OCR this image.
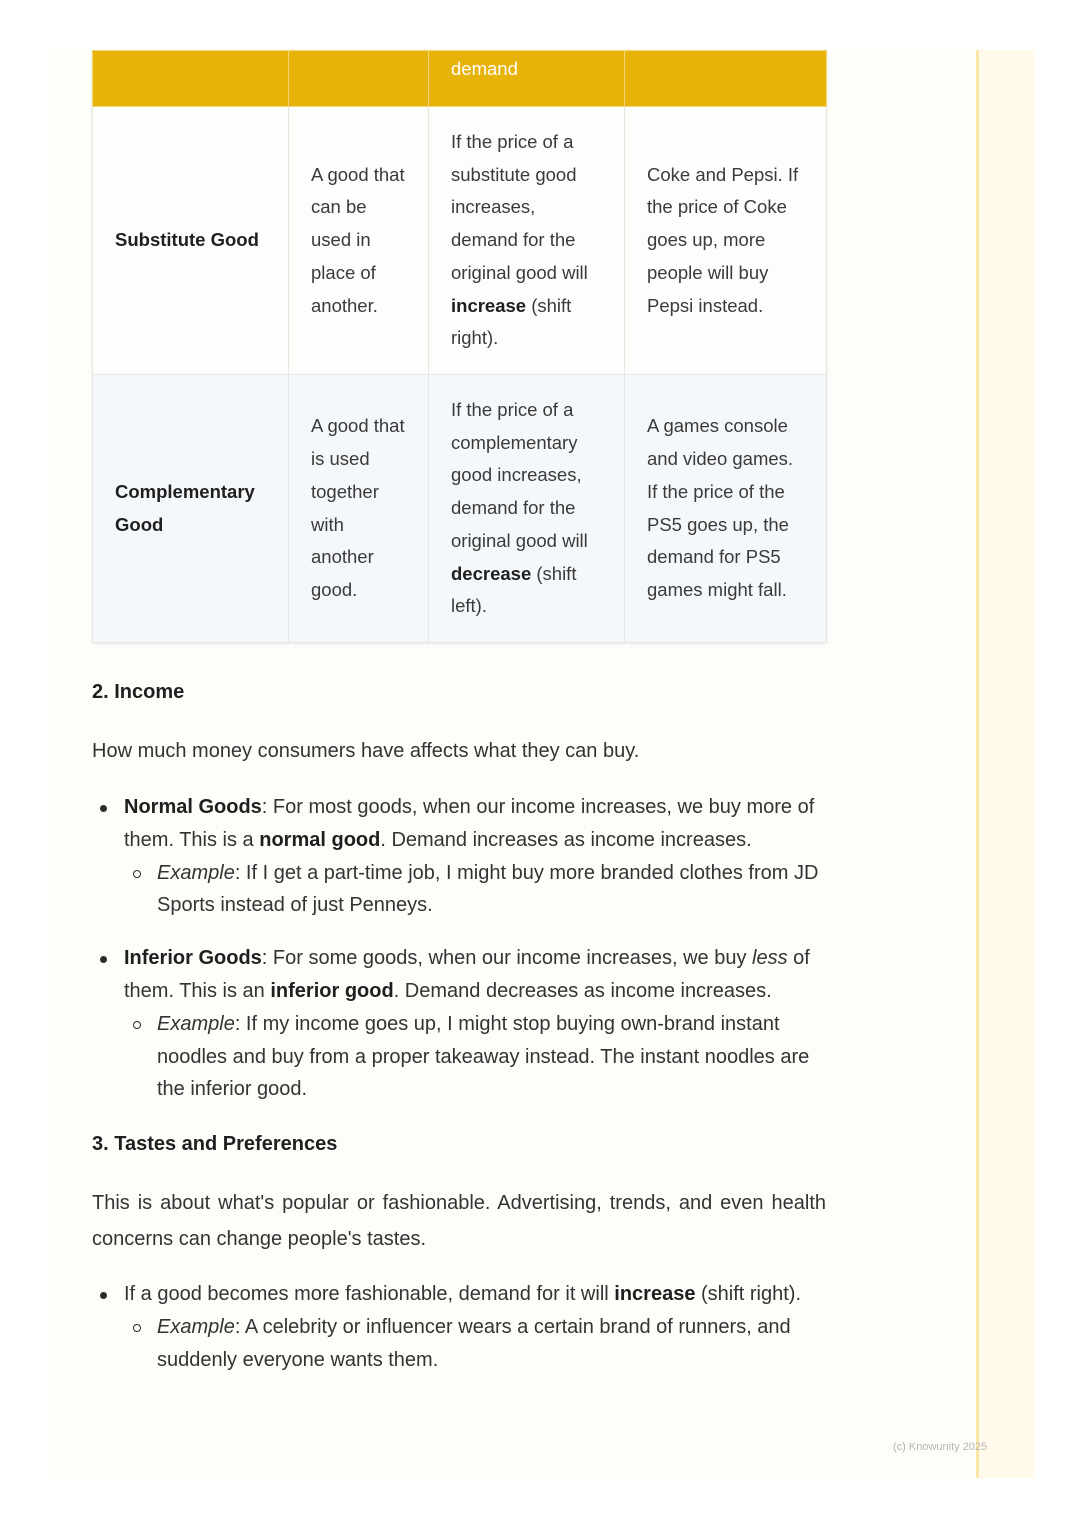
		demand	

Substitute Good	A good that can be used in place of another.	If the price of a substitute good increases, demand for the original good will increase (shift right).	Coke and Pepsi. If the price of Coke goes up, more people will buy Pepsi instead.
Complementary Good	A good that is used together with another good.	If the price of a complementary good increases, demand for the original good will decrease (shift left).	A games console and video games. If the price of the PS5 goes up, the demand for PS5 games might fall.
2. Income

How much money consumers have affects what they can buy.

Normal Goods: For most goods, when our income increases, we buy more of them. This is a normal good. Demand increases as income increases.
Example: If I get a part-time job, I might buy more branded clothes from JD Sports instead of just Penneys.
Inferior Goods: For some goods, when our income increases, we buy less of them. This is an inferior good. Demand decreases as income increases.
Example: If my income goes up, I might stop buying own-brand instant noodles and buy from a proper takeaway instead. The instant noodles are the inferior good.
3. Tastes and Preferences

This is about what's popular or fashionable. Advertising, trends, and even health concerns can change people's tastes.

If a good becomes more fashionable, demand for it will increase (shift right).
Example: A celebrity or influencer wears a certain brand of runners, and suddenly everyone wants them.
(c) Knowunity 2025
